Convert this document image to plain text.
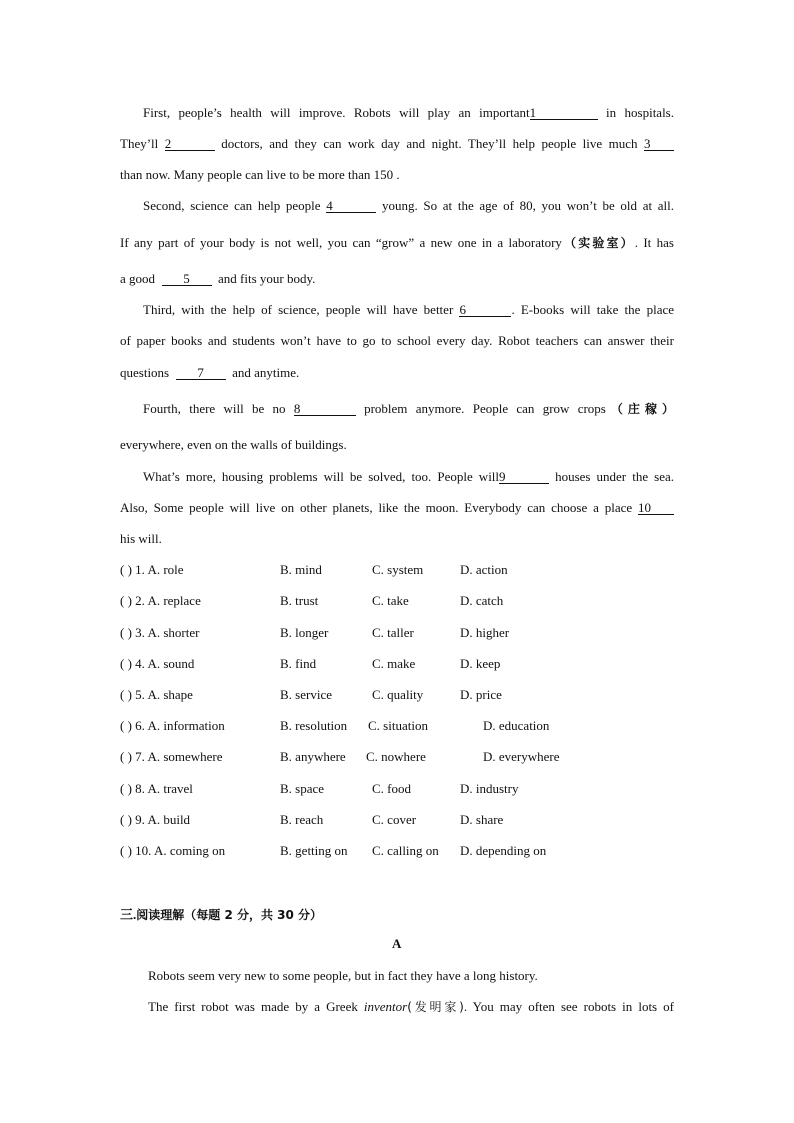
First, people’s health will improve. Robots will play an important1	in hospitals.
They’ll 2	doctors, and they can work day and night. They’ll help people live much 3
than now. Many people can live to be more than 150 .
Second, science can help people 4	young. So at the age of 80, you won’t be old at all.
If any part of your body is not well, you can “grow” a new one in a laboratory（实验室）. It has
a good 5 and fits your body.
Third, with the help of science, people will have better 6	. E-books will take the place
of paper books and students won’t have to go to school every day. Robot teachers can answer their
questions 7 and anytime.
Fourth, there will be no 8	problem anymore. People can grow crops（庄稼）
everywhere, even on the walls of buildings.
What’s more, housing problems will be solved, too. People will9	houses under the sea.
Also, Some people will live on other planets, like the moon. Everybody can choose a place 10
his will.
( ) 1. A. role	B. mind	C. system	D. action
( ) 2. A. replace	B. trust	C. take	D. catch
( ) 3. A. shorter	B. longer	C. taller	D. higher
( ) 4. A. sound	B. find	C. make	D. keep
( ) 5. A. shape	B. service	C. quality	D. price
( ) 6. A. information	B. resolution C. situation	D. education
( ) 7. A. somewhere	B. anywhere C. nowhere	D. everywhere
( ) 8. A. travel	B. space	C. food	D. industry
( ) 9. A. build	B. reach	C. cover	D. share
( ) 10. A. coming on	B. getting on C. calling on D. depending on
三.阅读理解（每题 2 分，共 30 分）
A
Robots seem very new to some people, but in fact they have a long history.
The first robot was made by a Greek inventor(发明家). You may often see robots in lots of
